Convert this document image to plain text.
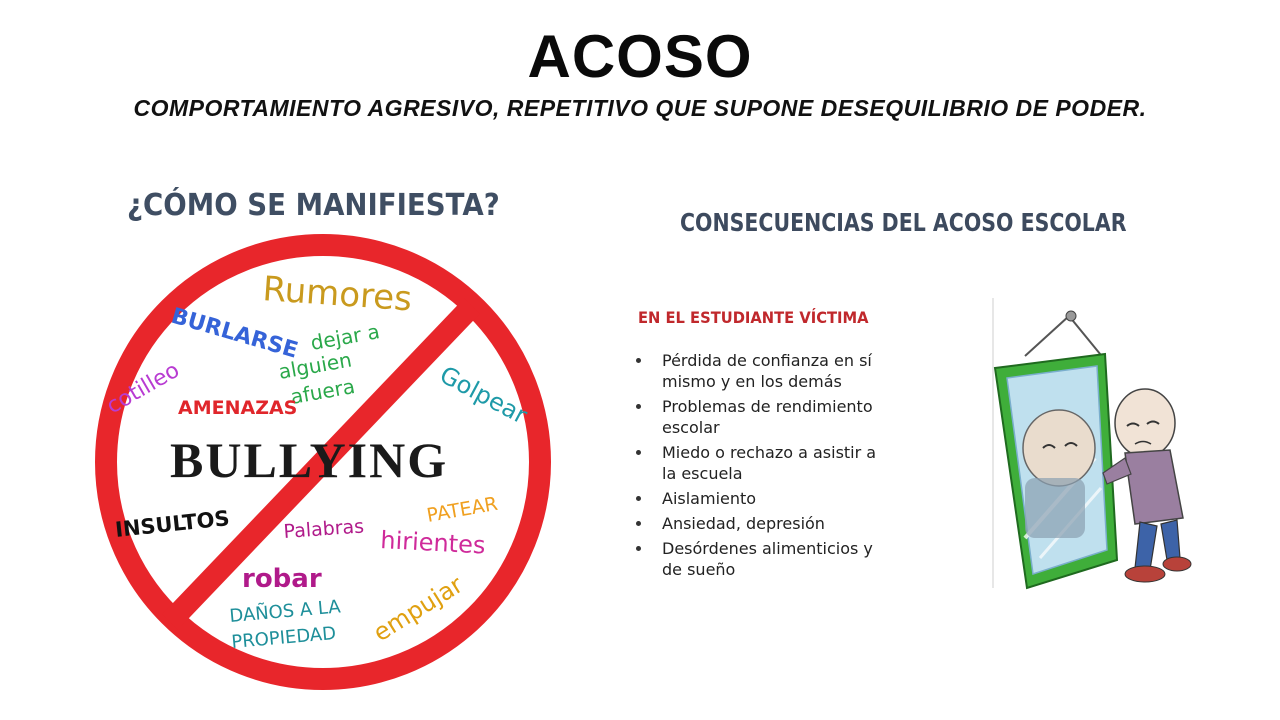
ACOSO
COMPORTAMIENTO AGRESIVO, REPETITIVO QUE SUPONE DESEQUILIBRIO DE PODER.
¿CÓMO SE MANIFIESTA?
Rumores
BURLARSE dejar a
alguien
afuera
cotilleo	Golpear
AMENAZAS
BULLYING
INSULTOS	PATEAR
Palabras hirientes
robar
DAÑOS A LA
PROPIEDAD empujar
CONSECUENCIAS DEL ACOSO ESCOLAR
EN EL ESTUDIANTE VÍCTIMA
Pérdida de confianza en sí mismo y en los demás
Problemas de rendimiento escolar
Miedo o rechazo a asistir a la escuela
Aislamiento
Ansiedad, depresión
Desórdenes alimenticios y de sueño
